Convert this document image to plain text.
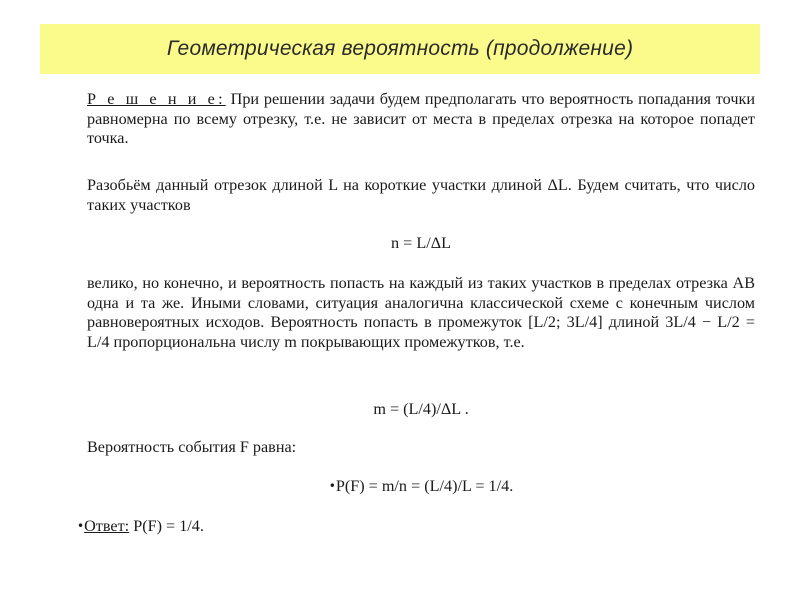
Геометрическая вероятность (продолжение)

Р е ш е н и е: При решении задачи будем предполагать что вероятность попадания точки равномерна по всему отрезку, т.е. не зависит от места в пределах отрезка на которое попадет точка.

Разобьём данный отрезок длиной L на короткие участки длиной ΔL. Будем считать, что число таких участков

n = L/ΔL

велико, но конечно, и вероятность попасть на каждый из таких участков в пределах отрезка AB одна и та же. Иными словами, ситуация аналогична классической схеме с конечным числом равновероятных исходов. Вероятность попасть в промежуток [L/2; 3L/4] длиной 3L/4 − L/2 = L/4 пропорциональна числу m покрывающих промежутков, т.е.

m = (L/4)/ΔL .

Вероятность события F равна:

•P(F) = m/n = (L/4)/L = 1/4.
•Ответ: P(F) = 1/4.
